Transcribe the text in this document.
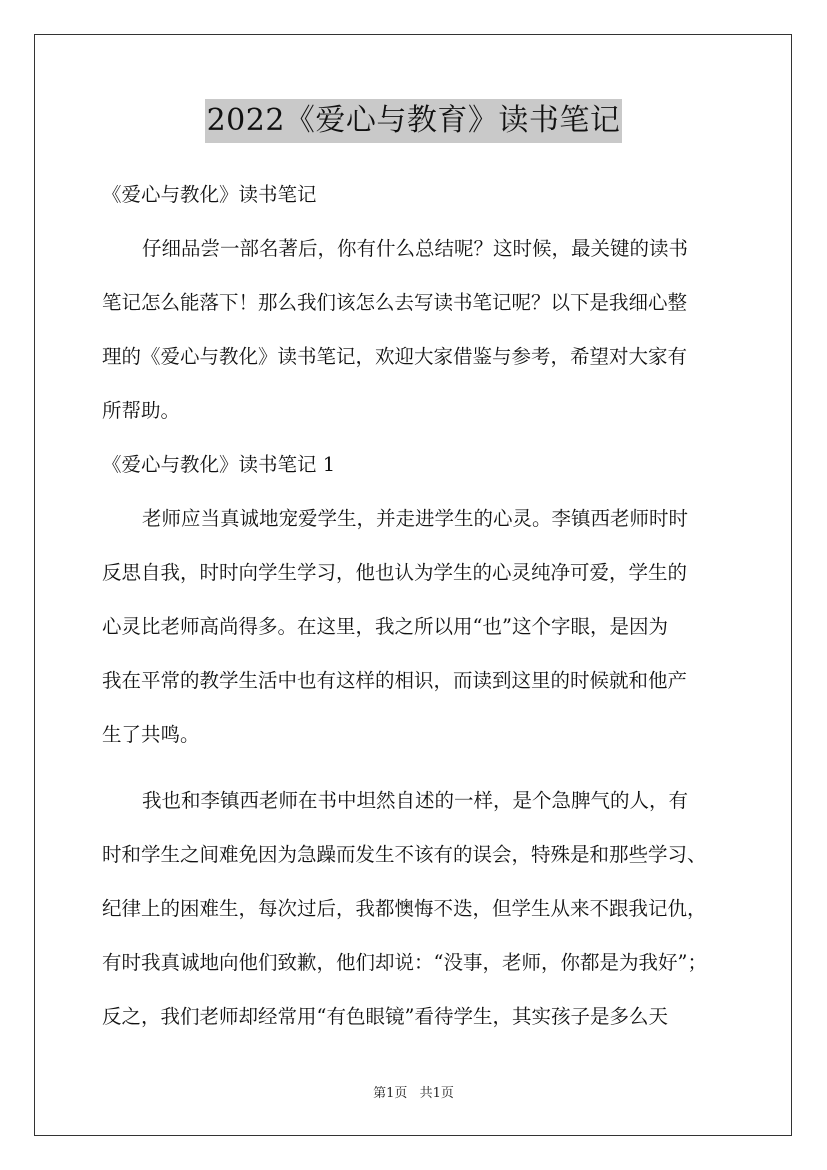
2022《爱心与教育》读书笔记
《爱心与教化》读书笔记
仔细品尝一部名著后，你有什么总结呢？这时候，最关键的读书
笔记怎么能落下！那么我们该怎么去写读书笔记呢？以下是我细心整
理的《爱心与教化》读书笔记，欢迎大家借鉴与参考，希望对大家有
所帮助。
《爱心与教化》读书笔记 1
老师应当真诚地宠爱学生，并走进学生的心灵。李镇西老师时时
反思自我，时时向学生学习，他也认为学生的心灵纯净可爱，学生的
心灵比老师高尚得多。在这里，我之所以用“也”这个字眼，是因为
我在平常的教学生活中也有这样的相识，而读到这里的时候就和他产
生了共鸣。
我也和李镇西老师在书中坦然自述的一样，是个急脾气的人，有
时和学生之间难免因为急躁而发生不该有的误会，特殊是和那些学习、
纪律上的困难生，每次过后，我都懊悔不迭，但学生从来不跟我记仇，
有时我真诚地向他们致歉，他们却说：“没事，老师，你都是为我好”；
反之，我们老师却经常用“有色眼镜”看待学生，其实孩子是多么天
第1页 共1页
